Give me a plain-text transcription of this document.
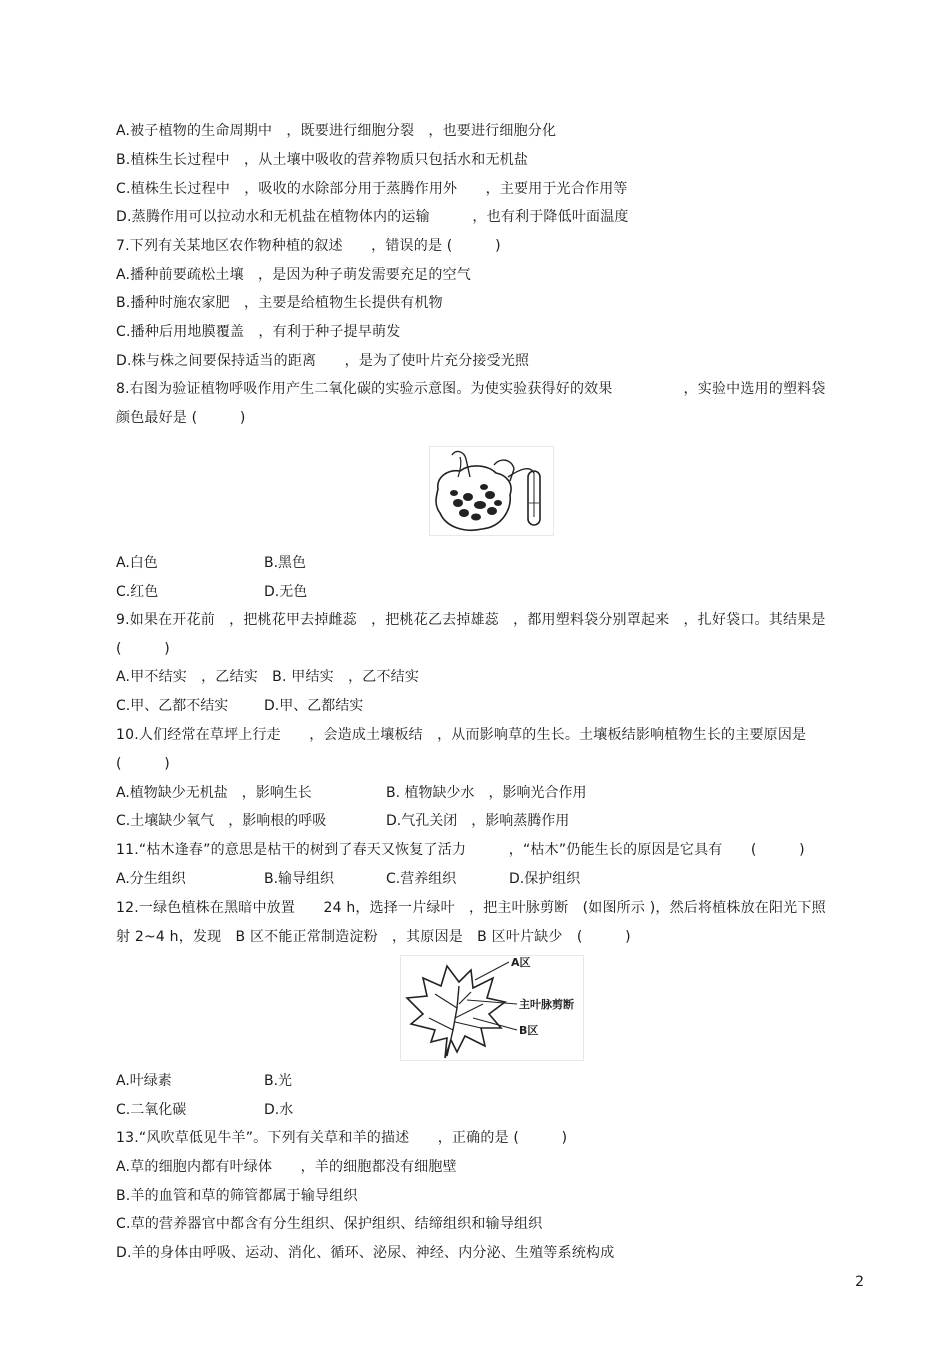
A.被子植物的生命周期中　，既要进行细胞分裂　，也要进行细胞分化
B.植株生长过程中　，从土壤中吸收的营养物质只包括水和无机盐
C.植株生长过程中　，吸收的水除部分用于蒸腾作用外　　，主要用于光合作用等
D.蒸腾作用可以拉动水和无机盐在植物体内的运输　　　，也有利于降低叶面温度
7.下列有关某地区农作物种植的叙述　　，错误的是 (　　　)
A.播种前要疏松土壤　，是因为种子萌发需要充足的空气
B.播种时施农家肥　，主要是给植物生长提供有机物
C.播种后用地膜覆盖　，有利于种子提早萌发
D.株与株之间要保持适当的距离　　，是为了使叶片充分接受光照
8.右图为验证植物呼吸作用产生二氧化碳的实验示意图。为使实验获得好的效果　　　　　，实验中选用的塑料袋
颜色最好是 (　　　)

A.白色

	B.黑色

C.红色

	D.无色

9.如果在开花前　，把桃花甲去掉雌蕊　，把桃花乙去掉雄蕊　，都用塑料袋分别罩起来　，扎好袋口。其结果是
(　　　)
A.甲不结实　，乙结实　B. 甲结实　，乙不结实

C.甲、乙都不结实

	D.甲、乙都结实

10.人们经常在草坪上行走　　，会造成土壤板结　，从而影响草的生长。土壤板结影响植物生长的主要原因是
(　　　)

A.植物缺少无机盐　，影响生长

	B. 植物缺少水　，影响光合作用

C.土壤缺少氧气　，影响根的呼吸

	D.气孔关闭　，影响蒸腾作用

11.“枯木逢春”的意思是枯干的树到了春天又恢复了活力　　　，“枯木”仍能生长的原因是它具有　　(　　　)

A.分生组织

	B.输导组织

	C.营养组织

	D.保护组织

12.一绿色植株在黑暗中放置　　24 h，选择一片绿叶　，把主叶脉剪断　(如图所示 )，然后将植株放在阳光下照
射 2~4 h，发现　B 区不能正常制造淀粉　，其原因是　B 区叶片缺少　(　　　)
A区
主叶脉剪断
B区

A.叶绿素

	B.光

C.二氧化碳

	D.水

13.“风吹草低见牛羊”。下列有关草和羊的描述　　，正确的是 (　　　)
A.草的细胞内都有叶绿体　　，羊的细胞都没有细胞壁
B.羊的血管和草的筛管都属于输导组织
C.草的营养器官中都含有分生组织、保护组织、结缔组织和输导组织
D.羊的身体由呼吸、运动、消化、循环、泌尿、神经、内分泌、生殖等系统构成
2
